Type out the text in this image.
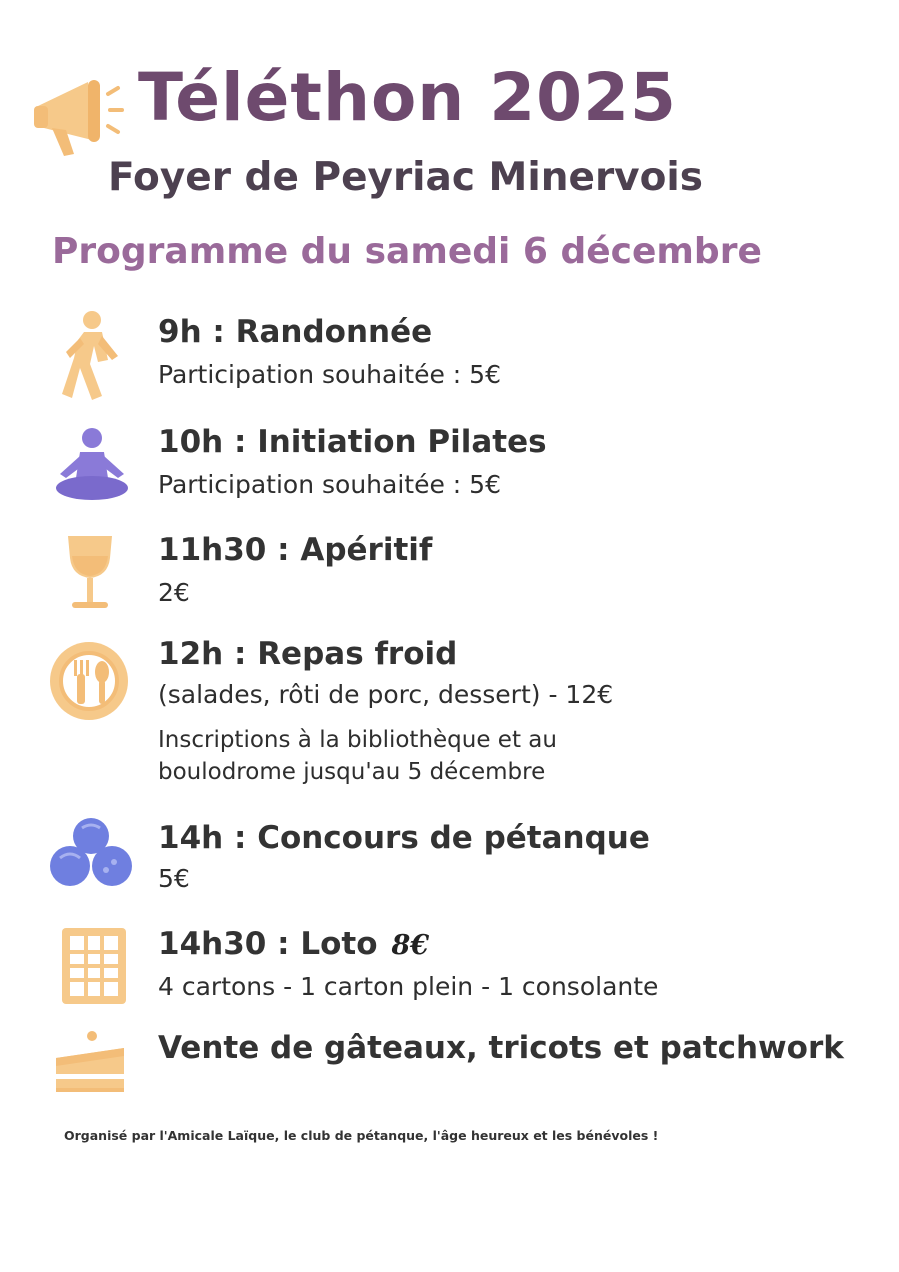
Téléthon 2025
Foyer de Peyriac Minervois
Programme du samedi 6 décembre
9h : Randonnée
Participation souhaitée : 5€
10h : Initiation Pilates
Participation souhaitée : 5€
11h30 : Apéritif
2€
12h : Repas froid
(salades, rôti de porc, dessert) - 12€
Inscriptions à la bibliothèque et au
boulodrome jusqu'au 5 décembre
14h : Concours de pétanque
5€
14h30 : Loto 8€
4 cartons - 1 carton plein - 1 consolante
Vente de gâteaux, tricots et patchwork
Organisé par l'Amicale Laïque, le club de pétanque, l'âge heureux et les bénévoles !
